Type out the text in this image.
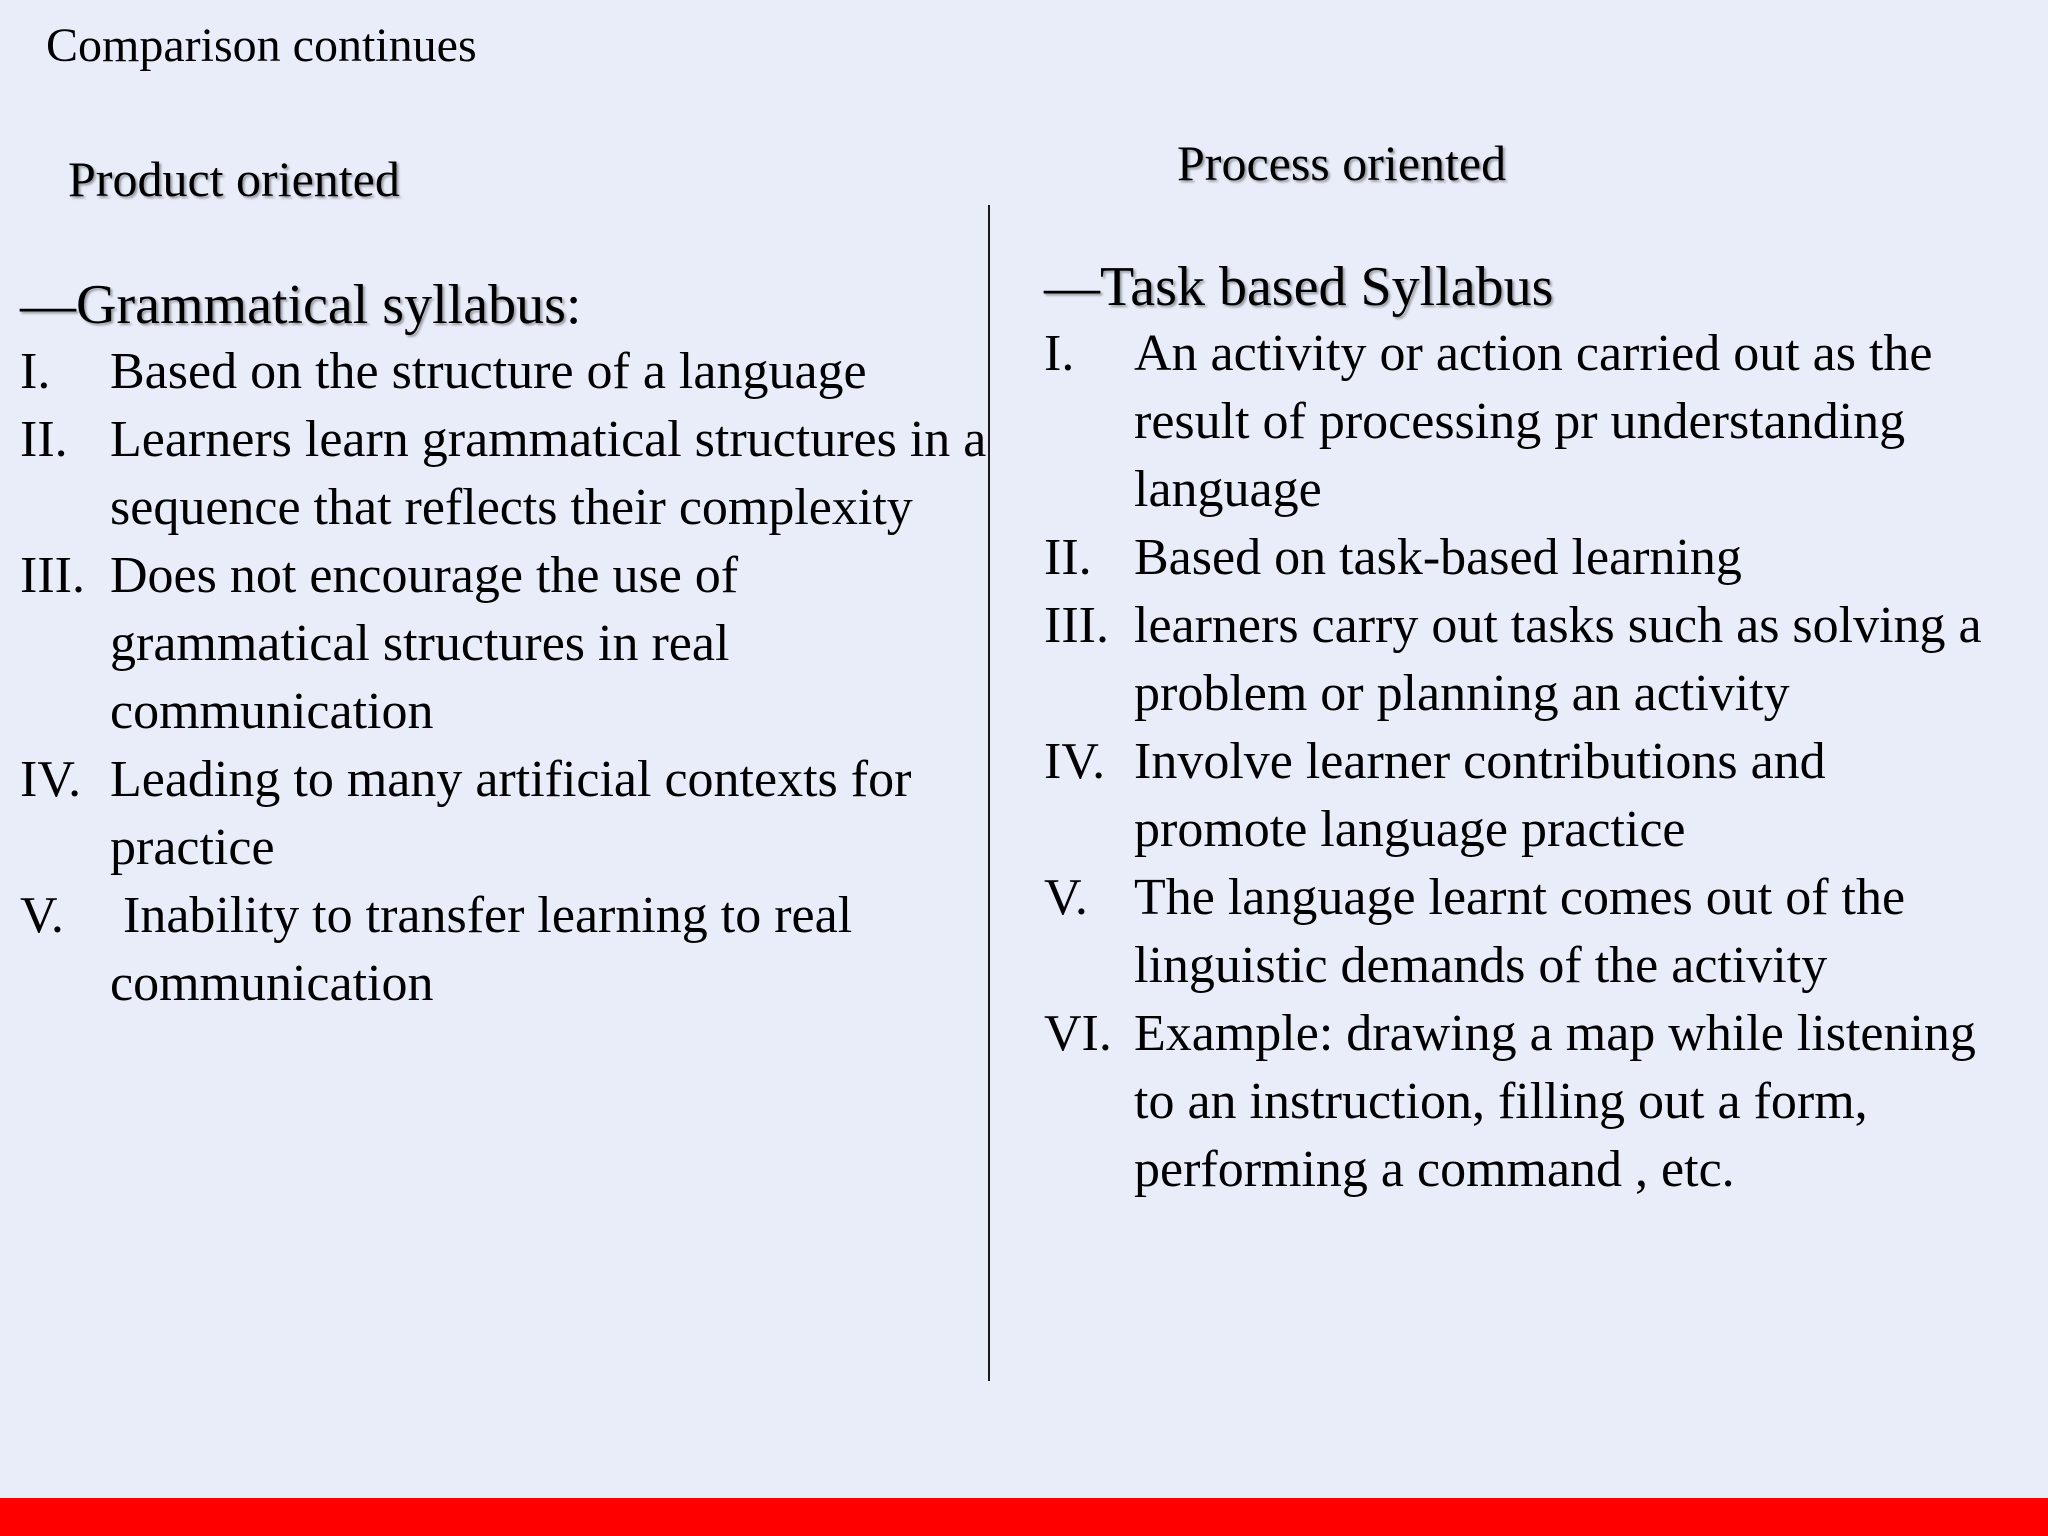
Comparison continues
Product oriented	Process oriented
—Grammatical syllabus:
I.	Based on the structure of a language
II. Learners learn grammatical structures in a sequence that reflects their complexity
III. Does not encourage the use of grammatical structures in real communication
IV. Leading to many artificial contexts for practice
V. Inability to transfer learning to real communication
—Task based Syllabus
I.	An activity or action carried out as the result of processing pr understanding language
II. Based on task-based learning
III. learners carry out tasks such as solving a problem or planning an activity
IV. Involve learner contributions and promote language practice
V. The language learnt comes out of the linguistic demands of the activity
VI. Example: drawing a map while listening to an instruction, filling out a form, performing a command , etc.
